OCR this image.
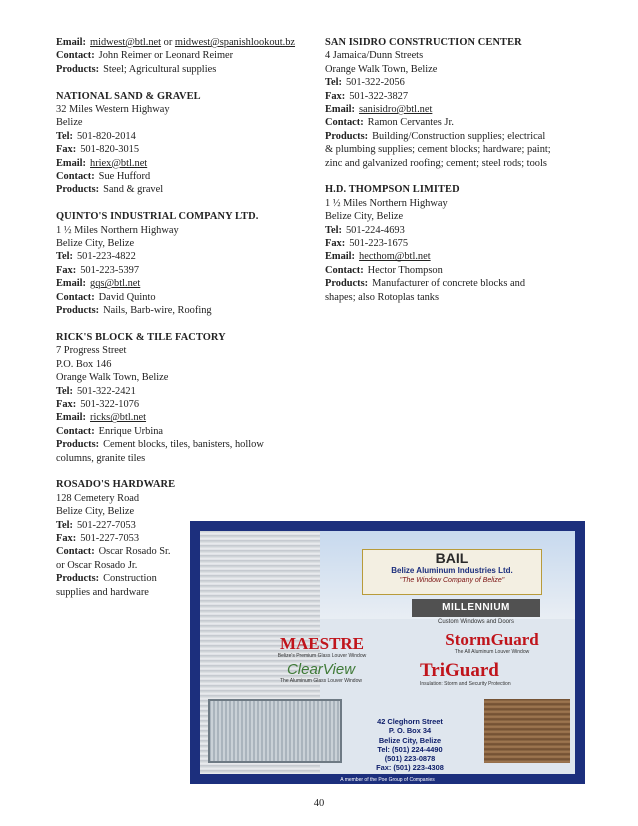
Email: midwest@btl.net or midwest@spanishlookout.bz
Contact: John Reimer or Leonard Reimer
Products: Steel; Agricultural supplies
NATIONAL SAND & GRAVEL
32 Miles Western Highway
Belize
Tel: 501-820-2014
Fax: 501-820-3015
Email: hriex@btl.net
Contact: Sue Hufford
Products: Sand & gravel
QUINTO'S INDUSTRIAL COMPANY LTD.
1 ½ Miles Northern Highway
Belize City, Belize
Tel: 501-223-4822
Fax: 501-223-5397
Email: gqs@btl.net
Contact: David Quinto
Products: Nails, Barb-wire, Roofing
RICK'S BLOCK & TILE FACTORY
7 Progress Street
P.O. Box 146
Orange Walk Town, Belize
Tel: 501-322-2421
Fax: 501-322-1076
Email: ricks@btl.net
Contact: Enrique Urbina
Products: Cement blocks, tiles, banisters, hollow
columns, granite tiles
ROSADO'S HARDWARE
128 Cemetery Road
Belize City, Belize
Tel: 501-227-7053
Fax: 501-227-7053
Contact: Oscar Rosado Sr.
or Oscar Rosado Jr.
Products: Construction
supplies and hardware
SAN ISIDRO CONSTRUCTION CENTER
4 Jamaica/Dunn Streets
Orange Walk Town, Belize
Tel: 501-322-2056
Fax: 501-322-3827
Email: sanisidro@btl.net
Contact: Ramon Cervantes Jr.
Products: Building/Construction supplies; electrical
& plumbing supplies; cement blocks; hardware; paint;
zinc and galvanized roofing; cement; steel rods; tools
H.D. THOMPSON LIMITED
1 ½ Miles Northern Highway
Belize City, Belize
Tel: 501-224-4693
Fax: 501-223-1675
Email: hecthom@btl.net
Contact: Hector Thompson
Products: Manufacturer of concrete blocks and
shapes; also Rotoplas tanks
BAIL
Belize Aluminum Industries Ltd.
"The Window Company of Belize"
MILLENNIUM
Custom Windows and Doors
MAESTRE
Belize's Premium Glass Louver Window
StormGuard
The All Aluminum Louver Window
ClearView
The Aluminum Glass Louver Window	TriGuard
Insulation: Storm and Security Protection
42 Cleghorn Street
P. O. Box 34
Belize City, Belize
Tel: (501) 224-4490
(501) 223-0878
Fax: (501) 223-4308
A member of the Poe Group of Companies
40
